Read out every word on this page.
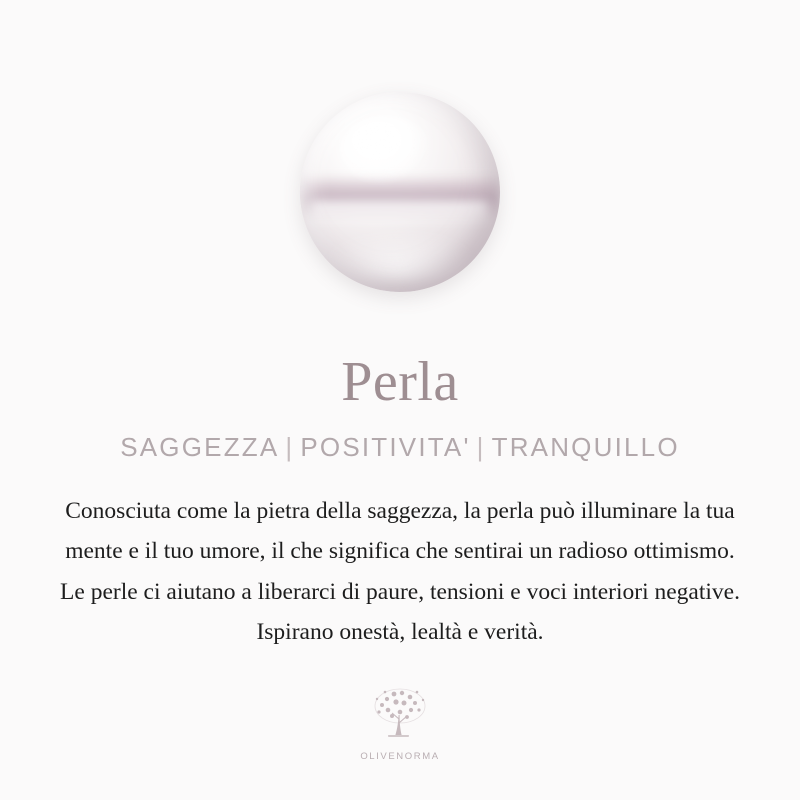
Perla
SAGGEZZA | POSITIVITA' | TRANQUILLO
Conosciuta come la pietra della saggezza, la perla può illuminare la tua mente e il tuo umore, il che significa che sentirai un radioso ottimismo. Le perle ci aiutano a liberarci di paure, tensioni e voci interiori negative. Ispirano onestà, lealtà e verità.
OLIVENORMA
